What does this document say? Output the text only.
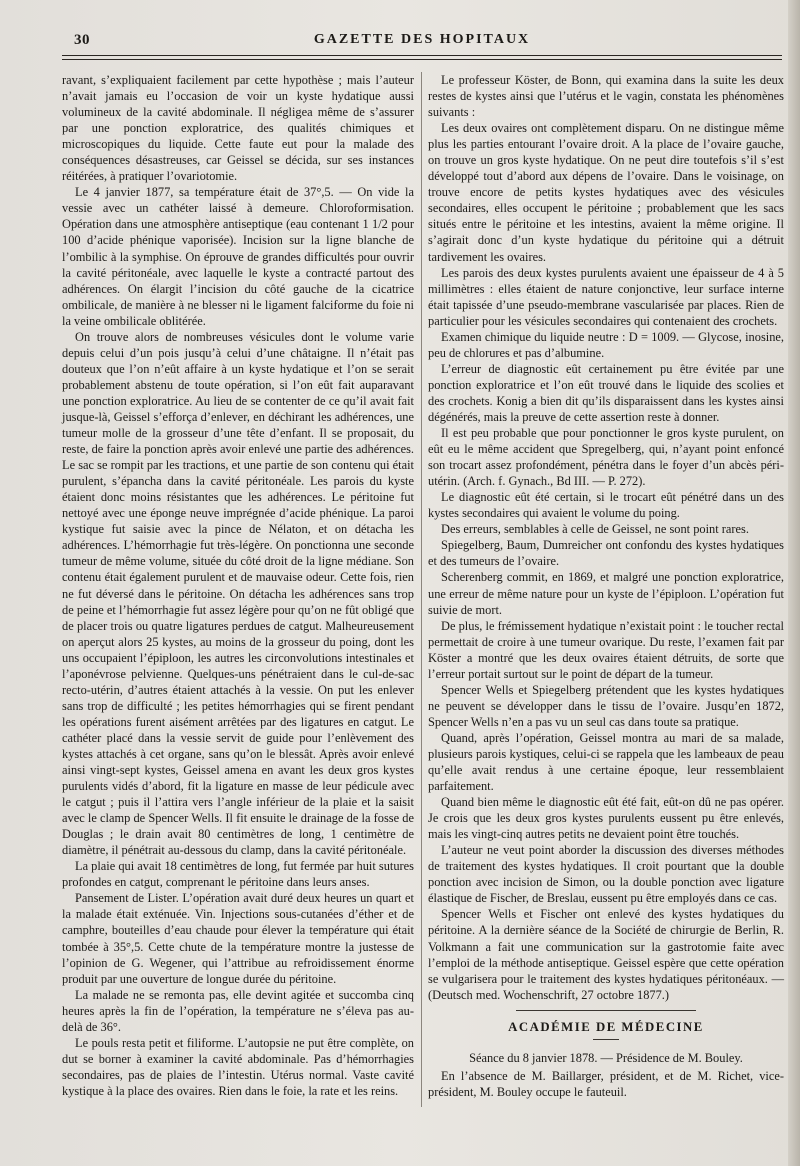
30	GAZETTE DES HOPITAUX

ravant, s’expliquaient facilement par cette hypothèse ; mais l’auteur n’avait jamais eu l’occasion de voir un kyste hydatique aussi volumineux de la cavité abdominale. Il négligea même de s’assurer par une ponction exploratrice, des qualités chimiques et microscopiques du liquide. Cette faute eut pour la malade des conséquences désastreuses, car Geissel se décida, sur ses instances réitérées, à pratiquer l’ovariotomie.

Le 4 janvier 1877, sa température était de 37°,5. — On vide la vessie avec un cathéter laissé à demeure. Chloroformisation. Opération dans une atmosphère antiseptique (eau contenant 1 1/2 pour 100 d’acide phénique vaporisée). Incision sur la ligne blanche de l’ombilic à la symphise. On éprouve de grandes difficultés pour ouvrir la cavité péritonéale, avec laquelle le kyste a contracté partout des adhérences. On élargit l’incision du côté gauche de la cicatrice ombilicale, de manière à ne blesser ni le ligament falciforme du foie ni la veine ombilicale oblitérée.

On trouve alors de nombreuses vésicules dont le volume varie depuis celui d’un pois jusqu’à celui d’une châtaigne. Il n’était pas douteux que l’on n’eût affaire à un kyste hydatique et l’on se serait probablement abstenu de toute opération, si l’on eût fait auparavant une ponction exploratrice. Au lieu de se contenter de ce qu’il avait fait jusque-là, Geissel s’efforça d’enlever, en déchirant les adhérences, une tumeur molle de la grosseur d’une tête d’enfant. Il se proposait, du reste, de faire la ponction après avoir enlevé une partie des adhérences. Le sac se rompit par les tractions, et une partie de son contenu qui était purulent, s’épancha dans la cavité péritonéale. Les parois du kyste étaient donc moins résistantes que les adhérences. Le péritoine fut nettoyé avec une éponge neuve imprégnée d’acide phénique. La paroi kystique fut saisie avec la pince de Nélaton, et on détacha les adhérences. L’hémorrhagie fut très-légère. On ponctionna une seconde tumeur de même volume, située du côté droit de la ligne médiane. Son contenu était également purulent et de mauvaise odeur. Cette fois, rien ne fut déversé dans le péritoine. On détacha les adhérences sans trop de peine et l’hémorrhagie fut assez légère pour qu’on ne fût obligé que de placer trois ou quatre ligatures perdues de catgut. Malheureusement on aperçut alors 25 kystes, au moins de la grosseur du poing, dont les uns occupaient l’épiploon, les autres les circonvolutions intestinales et l’aponévrose pelvienne. Quelques-uns pénétraient dans le cul-de-sac recto-utérin, d’autres étaient attachés à la vessie. On put les enlever sans trop de difficulté ; les petites hémorrhagies qui se firent pendant les opérations furent aisément arrêtées par des ligatures en catgut. Le cathéter placé dans la vessie servit de guide pour l’enlèvement des kystes attachés à cet organe, sans qu’on le blessât. Après avoir enlevé ainsi vingt-sept kystes, Geissel amena en avant les deux gros kystes purulents vidés d’abord, fit la ligature en masse de leur pédicule avec le catgut ; puis il l’attira vers l’angle inférieur de la plaie et la saisit avec le clamp de Spencer Wells. Il fit ensuite le drainage de la fosse de Douglas ; le drain avait 80 centimètres de long, 1 centimètre de diamètre, il pénétrait au-dessous du clamp, dans la cavité péritonéale.

La plaie qui avait 18 centimètres de long, fut fermée par huit sutures profondes en catgut, comprenant le péritoine dans leurs anses.

Pansement de Lister. L’opération avait duré deux heures un quart et la malade était exténuée. Vin. Injections sous-cutanées d’éther et de camphre, bouteilles d’eau chaude pour élever la température qui était tombée à 35°,5. Cette chute de la température montre la justesse de l’opinion de G. Wegener, qui l’attribue au refroidissement énorme produit par une ouverture de longue durée du péritoine.

La malade ne se remonta pas, elle devint agitée et succomba cinq heures après la fin de l’opération, la température ne s’éleva pas au-delà de 36°.

Le pouls resta petit et filiforme. L’autopsie ne put être complète, on dut se borner à examiner la cavité abdominale. Pas d’hémorrhagies secondaires, pas de plaies de l’intestin. Utérus normal. Vaste cavité kystique à la place des ovaires. Rien dans le foie, la rate et les reins.

Le professeur Köster, de Bonn, qui examina dans la suite les deux restes de kystes ainsi que l’utérus et le vagin, constata les phénomènes suivants :

Les deux ovaires ont complètement disparu. On ne distingue même plus les parties entourant l’ovaire droit. A la place de l’ovaire gauche, on trouve un gros kyste hydatique. On ne peut dire toutefois s’il s’est développé tout d’abord aux dépens de l’ovaire. Dans le voisinage, on trouve encore de petits kystes hydatiques avec des vésicules secondaires, elles occupent le péritoine ; probablement que les sacs situés entre le péritoine et les intestins, avaient la même origine. Il s’agirait donc d’un kyste hydatique du péritoine qui a détruit tardivement les ovaires.

Les parois des deux kystes purulents avaient une épaisseur de 4 à 5 millimètres : elles étaient de nature conjonctive, leur surface interne était tapissée d’une pseudo-membrane vascularisée par places. Rien de particulier pour les vésicules secondaires qui contenaient des crochets.

Examen chimique du liquide neutre : D = 1009. — Glycose, inosine, peu de chlorures et pas d’albumine.

L’erreur de diagnostic eût certainement pu être évitée par une ponction exploratrice et l’on eût trouvé dans le liquide des scolies et des crochets. Konig a bien dit qu’ils disparaissent dans les kystes ainsi dégénérés, mais la preuve de cette assertion reste à donner.

Il est peu probable que pour ponctionner le gros kyste purulent, on eût eu le même accident que Spregelberg, qui, n’ayant point enfoncé son trocart assez profondément, pénétra dans le foyer d’un abcès péri-utérin. (Arch. f. Gynach., Bd III. — P. 272).

Le diagnostic eût été certain, si le trocart eût pénétré dans un des kystes secondaires qui avaient le volume du poing.

Des erreurs, semblables à celle de Geissel, ne sont point rares.

Spiegelberg, Baum, Dumreicher ont confondu des kystes hydatiques et des tumeurs de l’ovaire.

Scherenberg commit, en 1869, et malgré une ponction exploratrice, une erreur de même nature pour un kyste de l’épiploon. L’opération fut suivie de mort.

De plus, le frémissement hydatique n’existait point : le toucher rectal permettait de croire à une tumeur ovarique. Du reste, l’examen fait par Köster a montré que les deux ovaires étaient détruits, de sorte que l’erreur portait surtout sur le point de départ de la tumeur.

Spencer Wells et Spiegelberg prétendent que les kystes hydatiques ne peuvent se développer dans le tissu de l’ovaire. Jusqu’en 1872, Spencer Wells n’en a pas vu un seul cas dans toute sa pratique.

Quand, après l’opération, Geissel montra au mari de sa malade, plusieurs parois kystiques, celui-ci se rappela que les lambeaux de peau qu’elle avait rendus à une certaine époque, leur ressemblaient parfaitement.

Quand bien même le diagnostic eût été fait, eût-on dû ne pas opérer. Je crois que les deux gros kystes purulents eussent pu être enlevés, mais les vingt-cinq autres petits ne devaient point être touchés.

L’auteur ne veut point aborder la discussion des diverses méthodes de traitement des kystes hydatiques. Il croit pourtant que la double ponction avec incision de Simon, ou la double ponction avec ligature élastique de Fischer, de Breslau, eussent pu être employés dans ce cas.

Spencer Wells et Fischer ont enlevé des kystes hydatiques du péritoine. A la dernière séance de la Société de chirurgie de Berlin, R. Volkmann a fait une communication sur la gastrotomie faite avec l’emploi de la méthode antiseptique. Geissel espère que cette opération se vulgarisera pour le traitement des kystes hydatiques péritonéaux. — (Deutsch med. Wochenschrift, 27 octobre 1877.)

ACADÉMIE DE MÉDECINE

Séance du 8 janvier 1878. — Présidence de M. Bouley.

En l’absence de M. Baillarger, président, et de M. Richet, vice-président, M. Bouley occupe le fauteuil.
